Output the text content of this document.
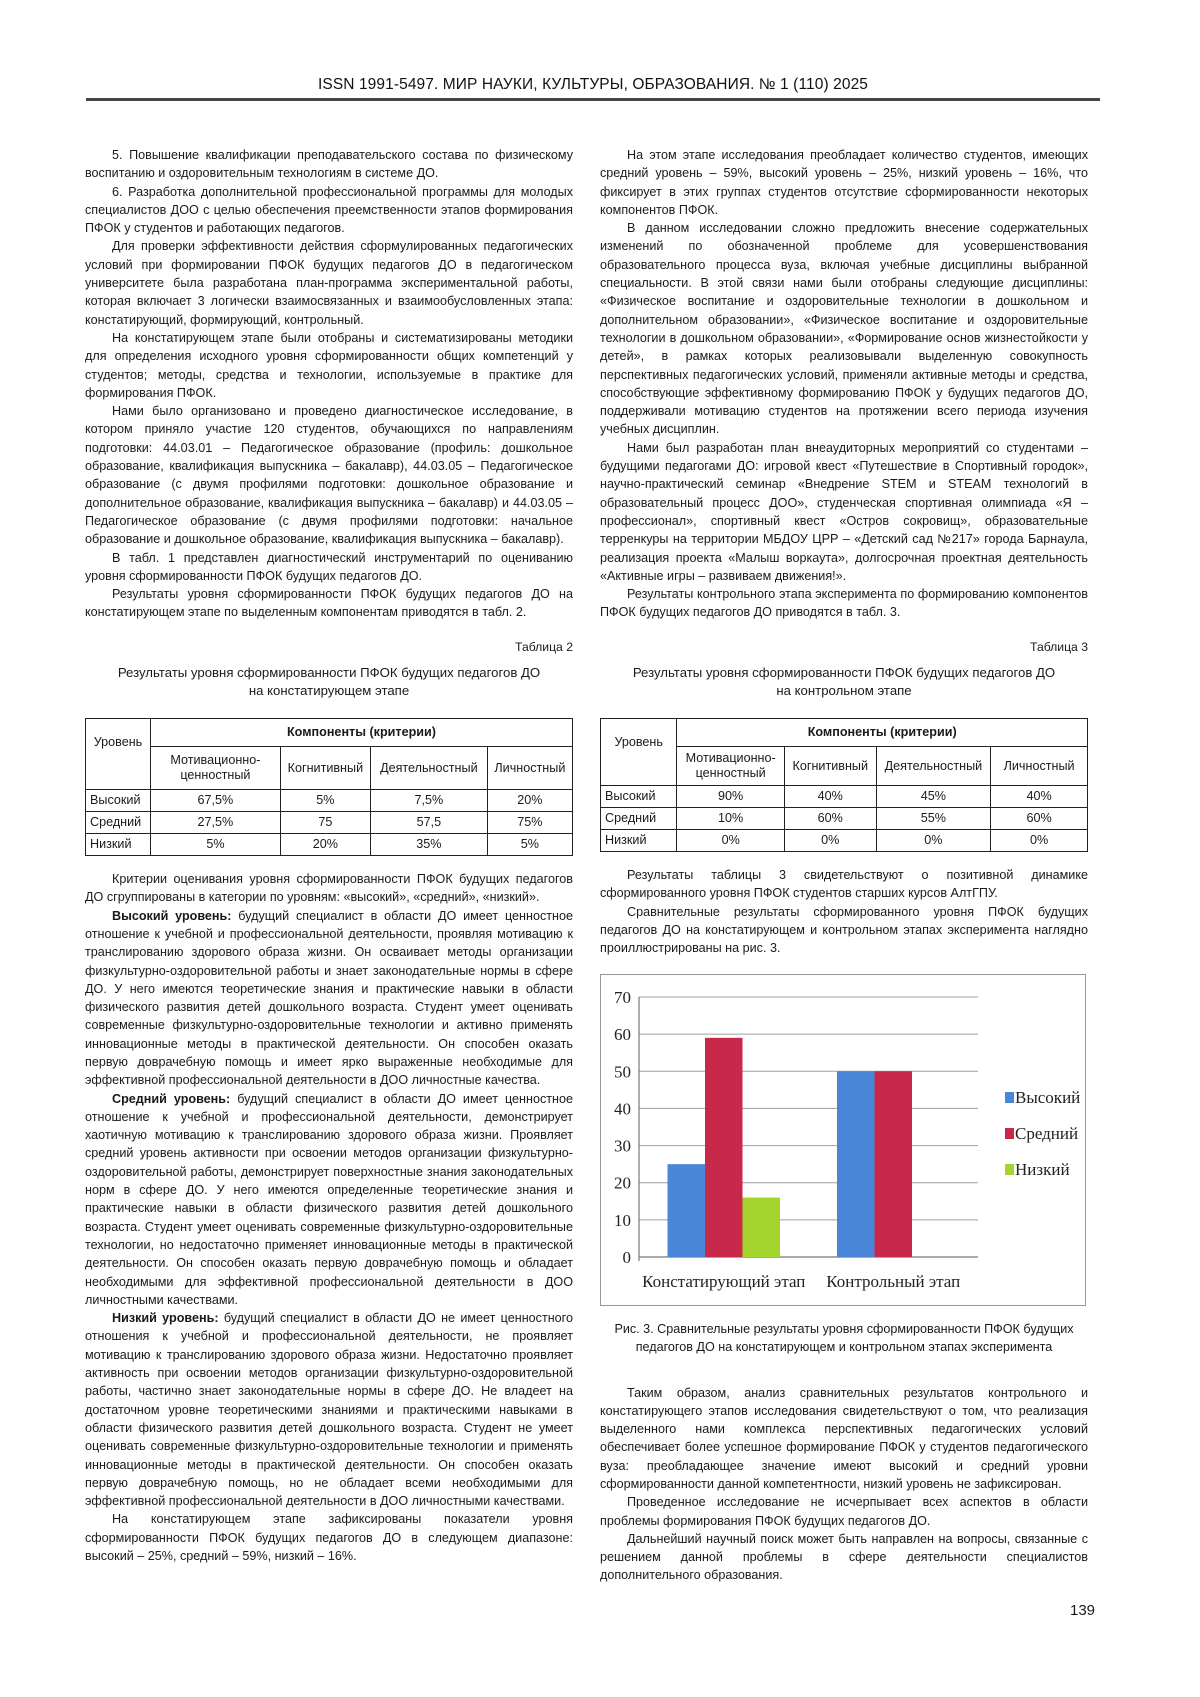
ISSN 1991-5497. МИР НАУКИ, КУЛЬТУРЫ, ОБРАЗОВАНИЯ. № 1 (110) 2025

5. Повышение квалификации преподавательского состава по физическому воспитанию и оздоровительным технологиям в системе ДО.

6. Разработка дополнительной профессиональной программы для молодых специалистов ДОО с целью обеспечения преемственности этапов формирования ПФОК у студентов и работающих педагогов.

Для проверки эффективности действия сформулированных педагогических условий при формировании ПФОК будущих педагогов ДО в педагогическом университете была разработана план-программа экспериментальной работы, которая включает 3 логически взаимосвязанных и взаимообусловленных этапа: констатирующий, формирующий, контрольный.

На констатирующем этапе были отобраны и систематизированы методики для определения исходного уровня сформированности общих компетенций у студентов; методы, средства и технологии, используемые в практике для формирования ПФОК.

Нами было организовано и проведено диагностическое исследование, в котором приняло участие 120 студентов, обучающихся по направлениям подготовки: 44.03.01 – Педагогическое образование (профиль: дошкольное образование, квалификация выпускника – бакалавр), 44.03.05 – Педагогическое образование (с двумя профилями подготовки: дошкольное образование и дополнительное образование, квалификация выпускника – бакалавр) и 44.03.05 – Педагогическое образование (с двумя профилями подготовки: начальное образование и дошкольное образование, квалификация выпускника – бакалавр).

В табл. 1 представлен диагностический инструментарий по оцениванию уровня сформированности ПФОК будущих педагогов ДО.

Результаты уровня сформированности ПФОК будущих педагогов ДО на констатирующем этапе по выделенным компонентам приводятся в табл. 2.

Таблица 2
Результаты уровня сформированности ПФОК будущих педагогов ДО
на констатирующем этапе
Уровень	Компоненты (критерии)			
	Мотивационно-ценностный	Когнитивный	Деятельностный	Личностный
Высокий	67,5%	5%	7,5%	20%
Средний	27,5%	75	57,5	75%
Низкий	5%	20%	35%	5%

Критерии оценивания уровня сформированности ПФОК будущих педагогов ДО сгруппированы в категории по уровням: «высокий», «средний», «низкий».

Высокий уровень: будущий специалист в области ДО имеет ценностное отношение к учебной и профессиональной деятельности, проявляя мотивацию к транслированию здорового образа жизни. Он осваивает методы организации физкультурно-оздоровительной работы и знает законодательные нормы в сфере ДО. У него имеются теоретические знания и практические навыки в области физического развития детей дошкольного возраста. Студент умеет оценивать современные физкультурно-оздоровительные технологии и активно применять инновационные методы в практической деятельности. Он способен оказать первую доврачебную помощь и имеет ярко выраженные необходимые для эффективной профессиональной деятельности в ДОО личностные качества.

Средний уровень: будущий специалист в области ДО имеет ценностное отношение к учебной и профессиональной деятельности, демонстрирует хаотичную мотивацию к транслированию здорового образа жизни. Проявляет средний уровень активности при освоении методов организации физкультурно-оздоровительной работы, демонстрирует поверхностные знания законодательных норм в сфере ДО. У него имеются определенные теоретические знания и практические навыки в области физического развития детей дошкольного возраста. Студент умеет оценивать современные физкультурно-оздоровительные технологии, но недостаточно применяет инновационные методы в практической деятельности. Он способен оказать первую доврачебную помощь и обладает необходимыми для эффективной профессиональной деятельности в ДОО личностными качествами.

Низкий уровень: будущий специалист в области ДО не имеет ценностного отношения к учебной и профессиональной деятельности, не проявляет мотивацию к транслированию здорового образа жизни. Недостаточно проявляет активность при освоении методов организации физкультурно-оздоровительной работы, частично знает законодательные нормы в сфере ДО. Не владеет на достаточном уровне теоретическими знаниями и практическими навыками в области физического развития детей дошкольного возраста. Студент не умеет оценивать современные физкультурно-оздоровительные технологии и применять инновационные методы в практической деятельности. Он способен оказать первую доврачебную помощь, но не обладает всеми необходимыми для эффективной профессиональной деятельности в ДОО личностными качествами.

На констатирующем этапе зафиксированы показатели уровня сформированности ПФОК будущих педагогов ДО в следующем диапазоне: высокий – 25%, средний – 59%, низкий – 16%.

На этом этапе исследования преобладает количество студентов, имеющих средний уровень – 59%, высокий уровень – 25%, низкий уровень – 16%, что фиксирует в этих группах студентов отсутствие сформированности некоторых компонентов ПФОК.

В данном исследовании сложно предложить внесение содержательных изменений по обозначенной проблеме для усовершенствования образовательного процесса вуза, включая учебные дисциплины выбранной специальности. В этой связи нами были отобраны следующие дисциплины: «Физическое воспитание и оздоровительные технологии в дошкольном и дополнительном образовании», «Физическое воспитание и оздоровительные технологии в дошкольном образовании», «Формирование основ жизнестойкости у детей», в рамках которых реализовывали выделенную совокупность перспективных педагогических условий, применяли активные методы и средства, способствующие эффективному формированию ПФОК у будущих педагогов ДО, поддерживали мотивацию студентов на протяжении всего периода изучения учебных дисциплин.

Нами был разработан план внеаудиторных мероприятий со студентами – будущими педагогами ДО: игровой квест «Путешествие в Спортивный городок», научно-практический семинар «Внедрение STEM и STEAM технологий в образовательный процесс ДОО», студенческая спортивная олимпиада «Я – профессионал», спортивный квест «Остров сокровищ», образовательные терренкуры на территории МБДОУ ЦРР – «Детский сад №217» города Барнаула, реализация проекта «Малыш воркаута», долгосрочная проектная деятельность «Активные игры – развиваем движения!».

Результаты контрольного этапа эксперимента по формированию компонентов ПФОК будущих педагогов ДО приводятся в табл. 3.

Таблица 3
Результаты уровня сформированности ПФОК будущих педагогов ДО
на контрольном этапе
Уровень	Компоненты (критерии)			
	Мотивационно-ценностный	Когнитивный	Деятельностный	Личностный
Высокий	90%	40%	45%	40%
Средний	10%	60%	55%	60%
Низкий	0%	0%	0%	0%

Результаты таблицы 3 свидетельствуют о позитивной динамике сформированного уровня ПФОК студентов старших курсов АлтГПУ.

Сравнительные результаты сформированного уровня ПФОК будущих педагогов ДО на констатирующем и контрольном этапах эксперимента наглядно проиллюстрированы на рис. 3.

0
10
20
30
40
50
60
70
Констатирующий этап Контрольный этап
Высокий
Средний
Низкий
Рис. 3. Сравнительные результаты уровня сформированности ПФОК будущих
педагогов ДО на констатирующем и контрольном этапах эксперимента

Таким образом, анализ сравнительных результатов контрольного и констатирующего этапов исследования свидетельствуют о том, что реализация выделенного нами комплекса перспективных педагогических условий обеспечивает более успешное формирование ПФОК у студентов педагогического вуза: преобладающее значение имеют высокий и средний уровни сформированности данной компетентности, низкий уровень не зафиксирован.

Проведенное исследование не исчерпывает всех аспектов в области проблемы формирования ПФОК будущих педагогов ДО.

Дальнейший научный поиск может быть направлен на вопросы, связанные с решением данной проблемы в сфере деятельности специалистов дополнительного образования.

139
